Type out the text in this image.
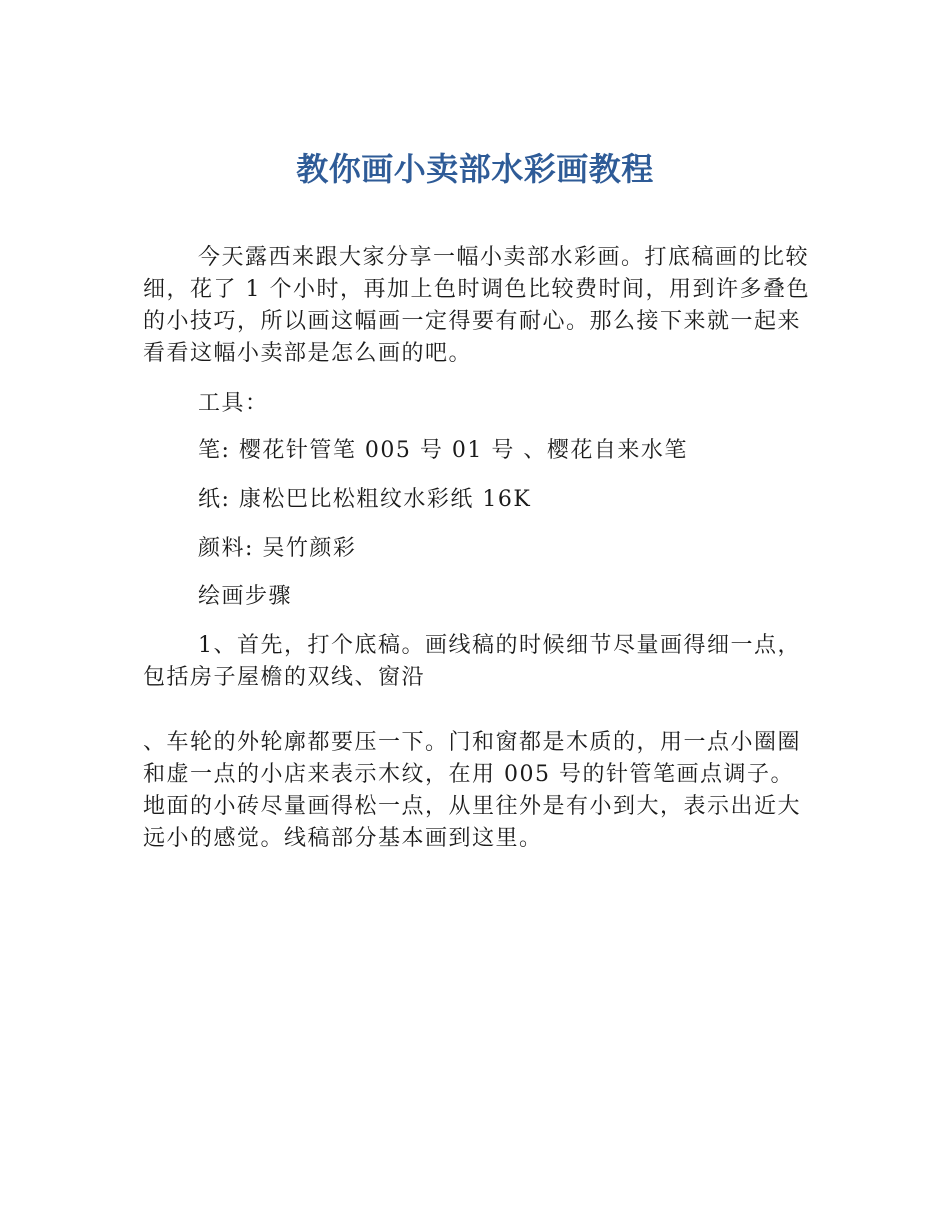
教你画小卖部水彩画教程

今天露西来跟大家分享一幅小卖部水彩画。打底稿画的比较细，花了 1 个小时，再加上色时调色比较费时间，用到许多叠色的小技巧，所以画这幅画一定得要有耐心。那么接下来就一起来看看这幅小卖部是怎么画的吧。

工具：

笔: 樱花针管笔 005 号 01 号 、樱花自来水笔

纸: 康松巴比松粗纹水彩纸 16K

颜料: 吴竹颜彩

绘画步骤

1、首先，打个底稿。画线稿的时候细节尽量画得细一点，包括房子屋檐的双线、窗沿

、车轮的外轮廓都要压一下。门和窗都是木质的，用一点小圈圈和虚一点的小店来表示木纹，在用 005 号的针管笔画点调子。地面的小砖尽量画得松一点，从里往外是有小到大，表示出近大远小的感觉。线稿部分基本画到这里。
